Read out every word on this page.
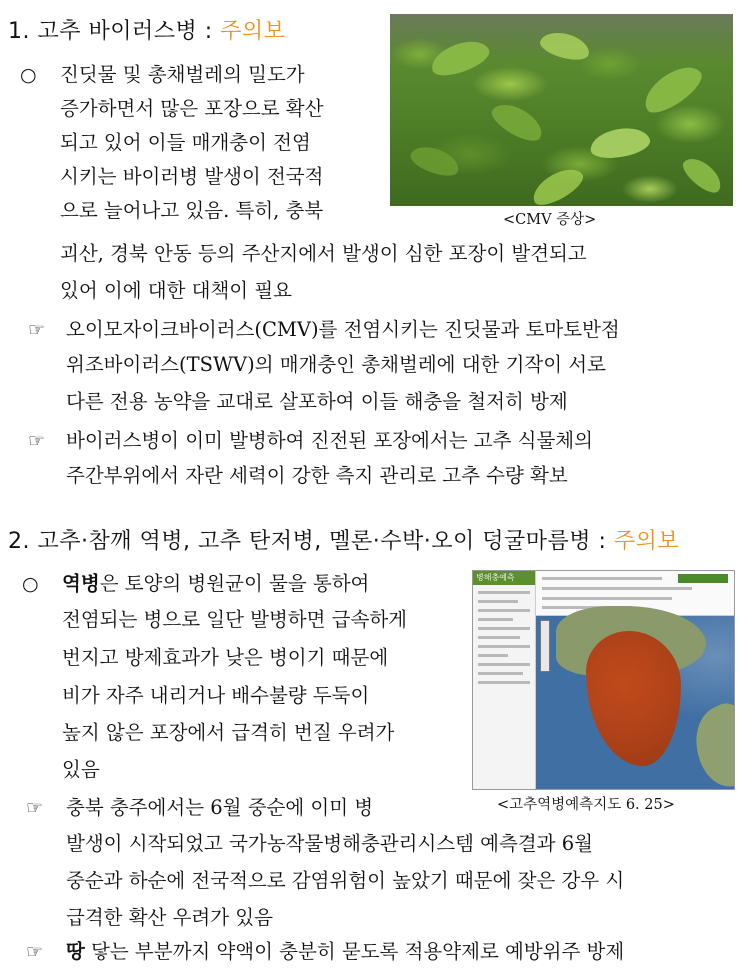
1. 고추 바이러스병 : 주의보
<CMV 증상>
○ 진딧물 및 총채벌레의 밀도가
증가하면서 많은 포장으로 확산
되고 있어 이들 매개충이 전염
시키는 바이러병 발생이 전국적
으로 늘어나고 있음. 특히, 충북
괴산, 경북 안동 등의 주산지에서 발생이 심한 포장이 발견되고
있어 이에 대한 대책이 필요
☞ 오이모자이크바이러스(CMV)를 전염시키는 진딧물과 토마토반점
위조바이러스(TSWV)의 매개충인 총채벌레에 대한 기작이 서로
다른 전용 농약을 교대로 살포하여 이들 해충을 철저히 방제
☞ 바이러스병이 이미 발병하여 진전된 포장에서는 고추 식물체의
주간부위에서 자란 세력이 강한 측지 관리로 고추 수량 확보
2. 고추·참깨 역병, 고추 탄저병, 멜론·수박·오이 덩굴마름병 : 주의보
병해충예측
<고추역병예측지도 6. 25>
○ 역병은 토양의 병원균이 물을 통하여
전염되는 병으로 일단 발병하면 급속하게
번지고 방제효과가 낮은 병이기 때문에
비가 자주 내리거나 배수불량 두둑이
높지 않은 포장에서 급격히 번질 우려가
있음
☞ 충북 충주에서는 6월 중순에 이미 병
발생이 시작되었고 국가농작물병해충관리시스템 예측결과 6월
중순과 하순에 전국적으로 감염위험이 높았기 때문에 잦은 강우 시
급격한 확산 우려가 있음
☞ 땅 닿는 부분까지 약액이 충분히 묻도록 적용약제로 예방위주 방제
